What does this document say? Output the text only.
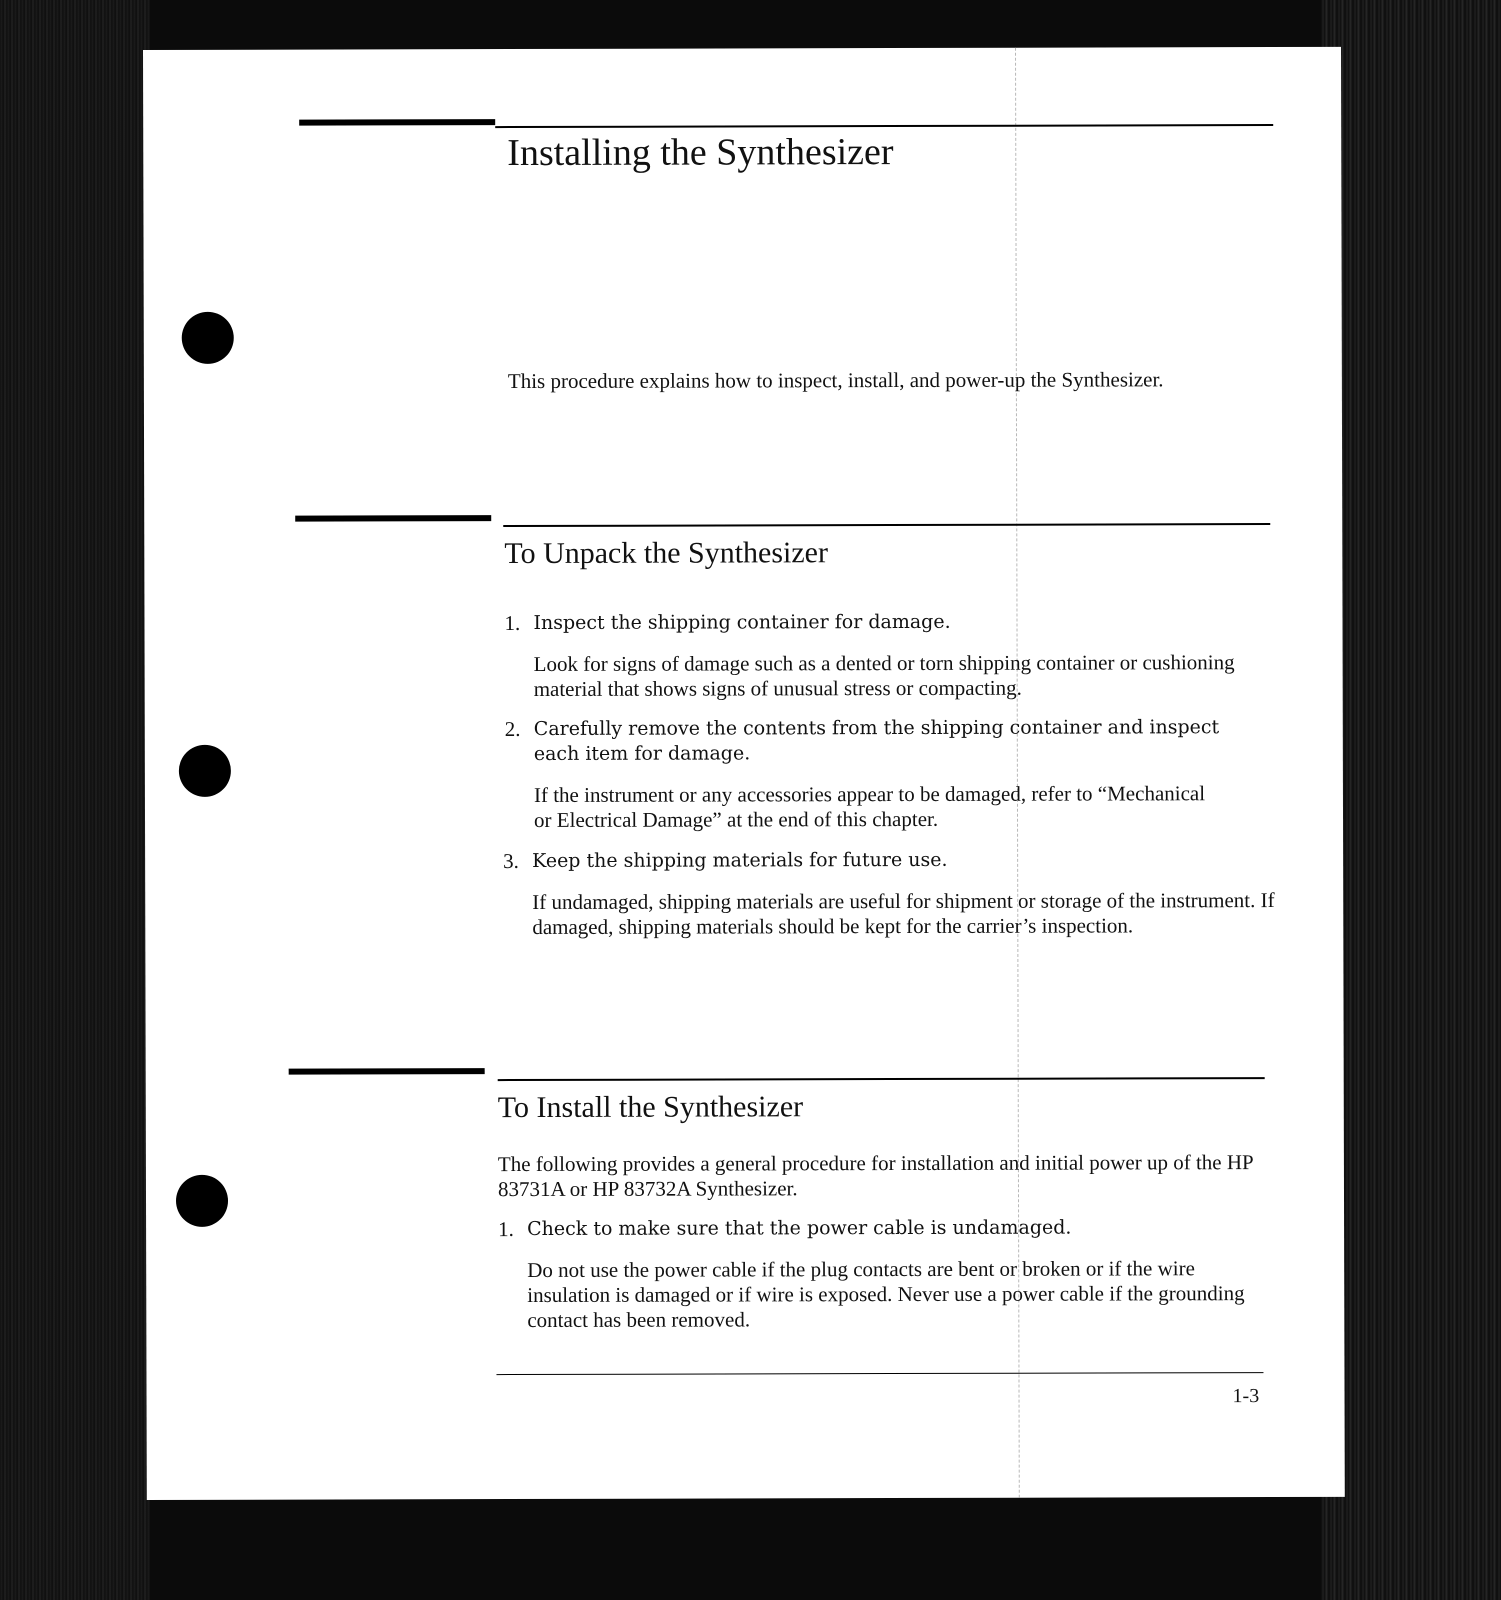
Installing the Synthesizer

This procedure explains how to inspect, install, and power-up the Synthesizer.

To Unpack the Synthesizer
1. Inspect the shipping container for damage.

Look for signs of damage such as a dented or torn shipping container or cushioning material that shows signs of unusual stress or compacting.

2. Carefully remove the contents from the shipping container and inspect each item for damage.

If the instrument or any accessories appear to be damaged, refer to “Mechanical or Electrical Damage” at the end of this chapter.

3. Keep the shipping materials for future use.

If undamaged, shipping materials are useful for shipment or storage of the instrument. If damaged, shipping materials should be kept for the carrier’s inspection.

To Install the Synthesizer

The following provides a general procedure for installation and initial power up of the HP 83731A or HP 83732A Synthesizer.

1. Check to make sure that the power cable is undamaged.

Do not use the power cable if the plug contacts are bent or broken or if the wire insulation is damaged or if wire is exposed. Never use a power cable if the grounding contact has been removed.

1-3
